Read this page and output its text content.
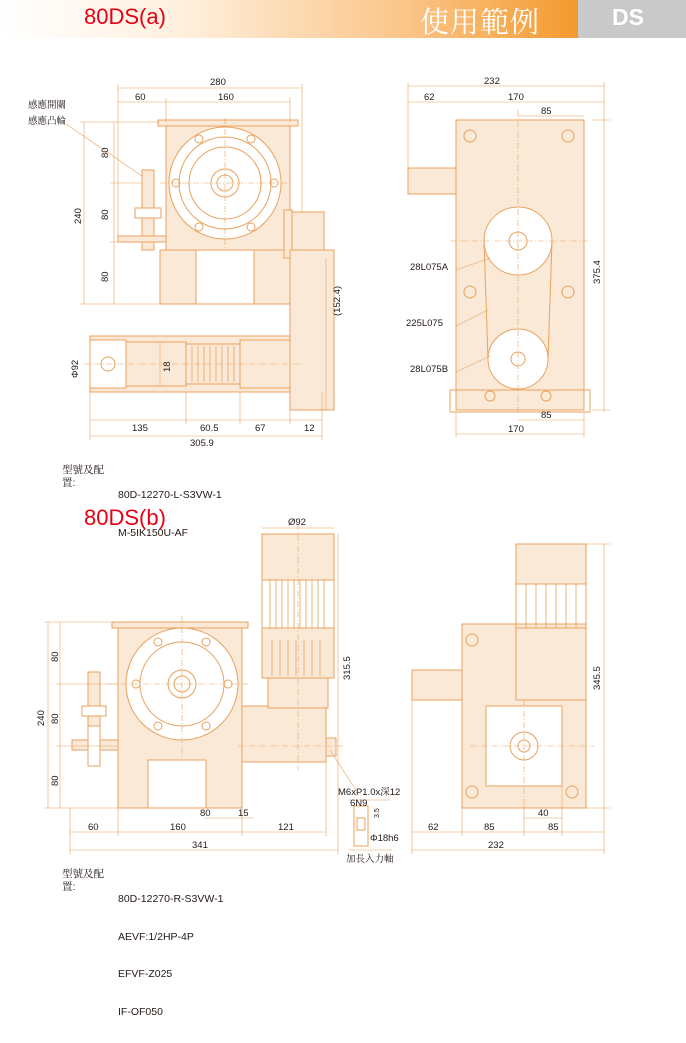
80DS(a)	使用範例	DS
280
60	160
感應開關
感應凸輪
240
80
80
80
(152.4)
Φ92	18
135	60.5	67	12
305.9
232
62	170
85
375.4
28L075A
225L075
28L075B
85
170
Ø92
240
80
80
80
315.5
60	160
80	15
121
341
M6xP1.0x深12
6N9
3.5
Φ18h6
加長入力軸
345.5
62	85
40
85
232
型號及配置:

80D-12270-L-S3VW-1

M-5IK150U-AF

80DS(b)
型號及配置:

80D-12270-R-S3VW-1

AEVF:1/2HP-4P

EFVF-Z025

IF-OF050
